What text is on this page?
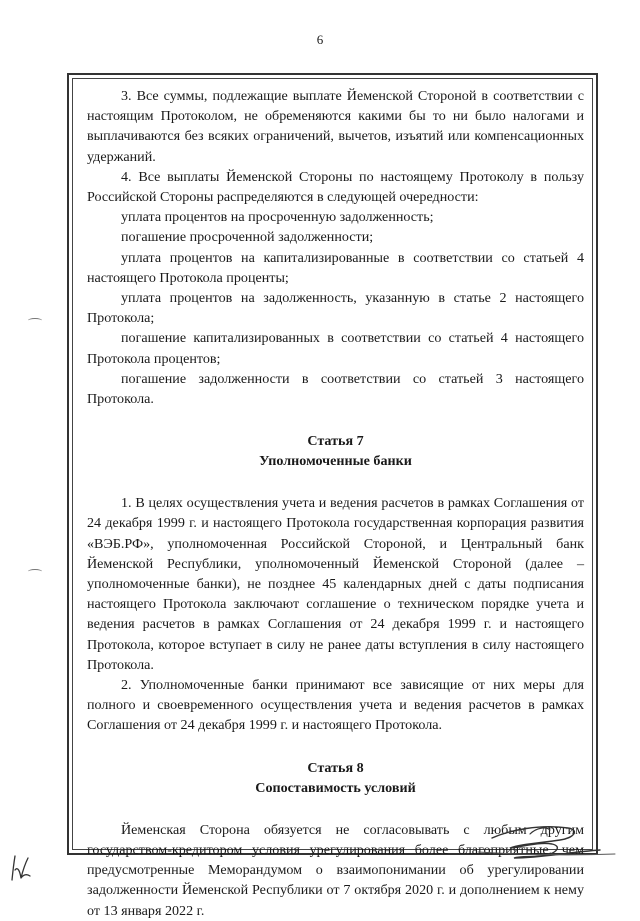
6

3. Все суммы, подлежащие выплате Йеменской Стороной в соответствии с настоящим Протоколом, не обременяются какими бы то ни было налогами и выплачиваются без всяких ограничений, вычетов, изъятий или компенсационных удержаний.

4. Все выплаты Йеменской Стороны по настоящему Протоколу в пользу Российской Стороны распределяются в следующей очередности:

уплата процентов на просроченную задолженность;

погашение просроченной задолженности;

уплата процентов на капитализированные в соответствии со статьей 4 настоящего Протокола проценты;

уплата процентов на задолженность, указанную в статье 2 настоящего Протокола;

погашение капитализированных в соответствии со статьей 4 настоящего Протокола процентов;

погашение задолженности в соответствии со статьей 3 настоящего Протокола.

Статья 7

Уполномоченные банки

1. В целях осуществления учета и ведения расчетов в рамках Соглашения от 24 декабря 1999 г. и настоящего Протокола государственная корпорация развития «ВЭБ.РФ», уполномоченная Российской Стороной, и Центральный банк Йеменской Республики, уполномоченный Йеменской Стороной (далее – уполномоченные банки), не позднее 45 календарных дней с даты подписания настоящего Протокола заключают соглашение о техническом порядке учета и ведения расчетов в рамках Соглашения от 24 декабря 1999 г. и настоящего Протокола, которое вступает в силу не ранее даты вступления в силу настоящего Протокола.

2. Уполномоченные банки принимают все зависящие от них меры для полного и своевременного осуществления учета и ведения расчетов в рамках Соглашения от 24 декабря 1999 г. и настоящего Протокола.

Статья 8

Сопоставимость условий

Йеменская Сторона обязуется не согласовывать с любым другим государством-кредитором условия урегулирования более благоприятные, чем предусмотренные Меморандумом о взаимопонимании об урегулировании задолженности Йеменской Республики от 7 октября 2020 г. и дополнением к нему от 13 января 2022 г.
